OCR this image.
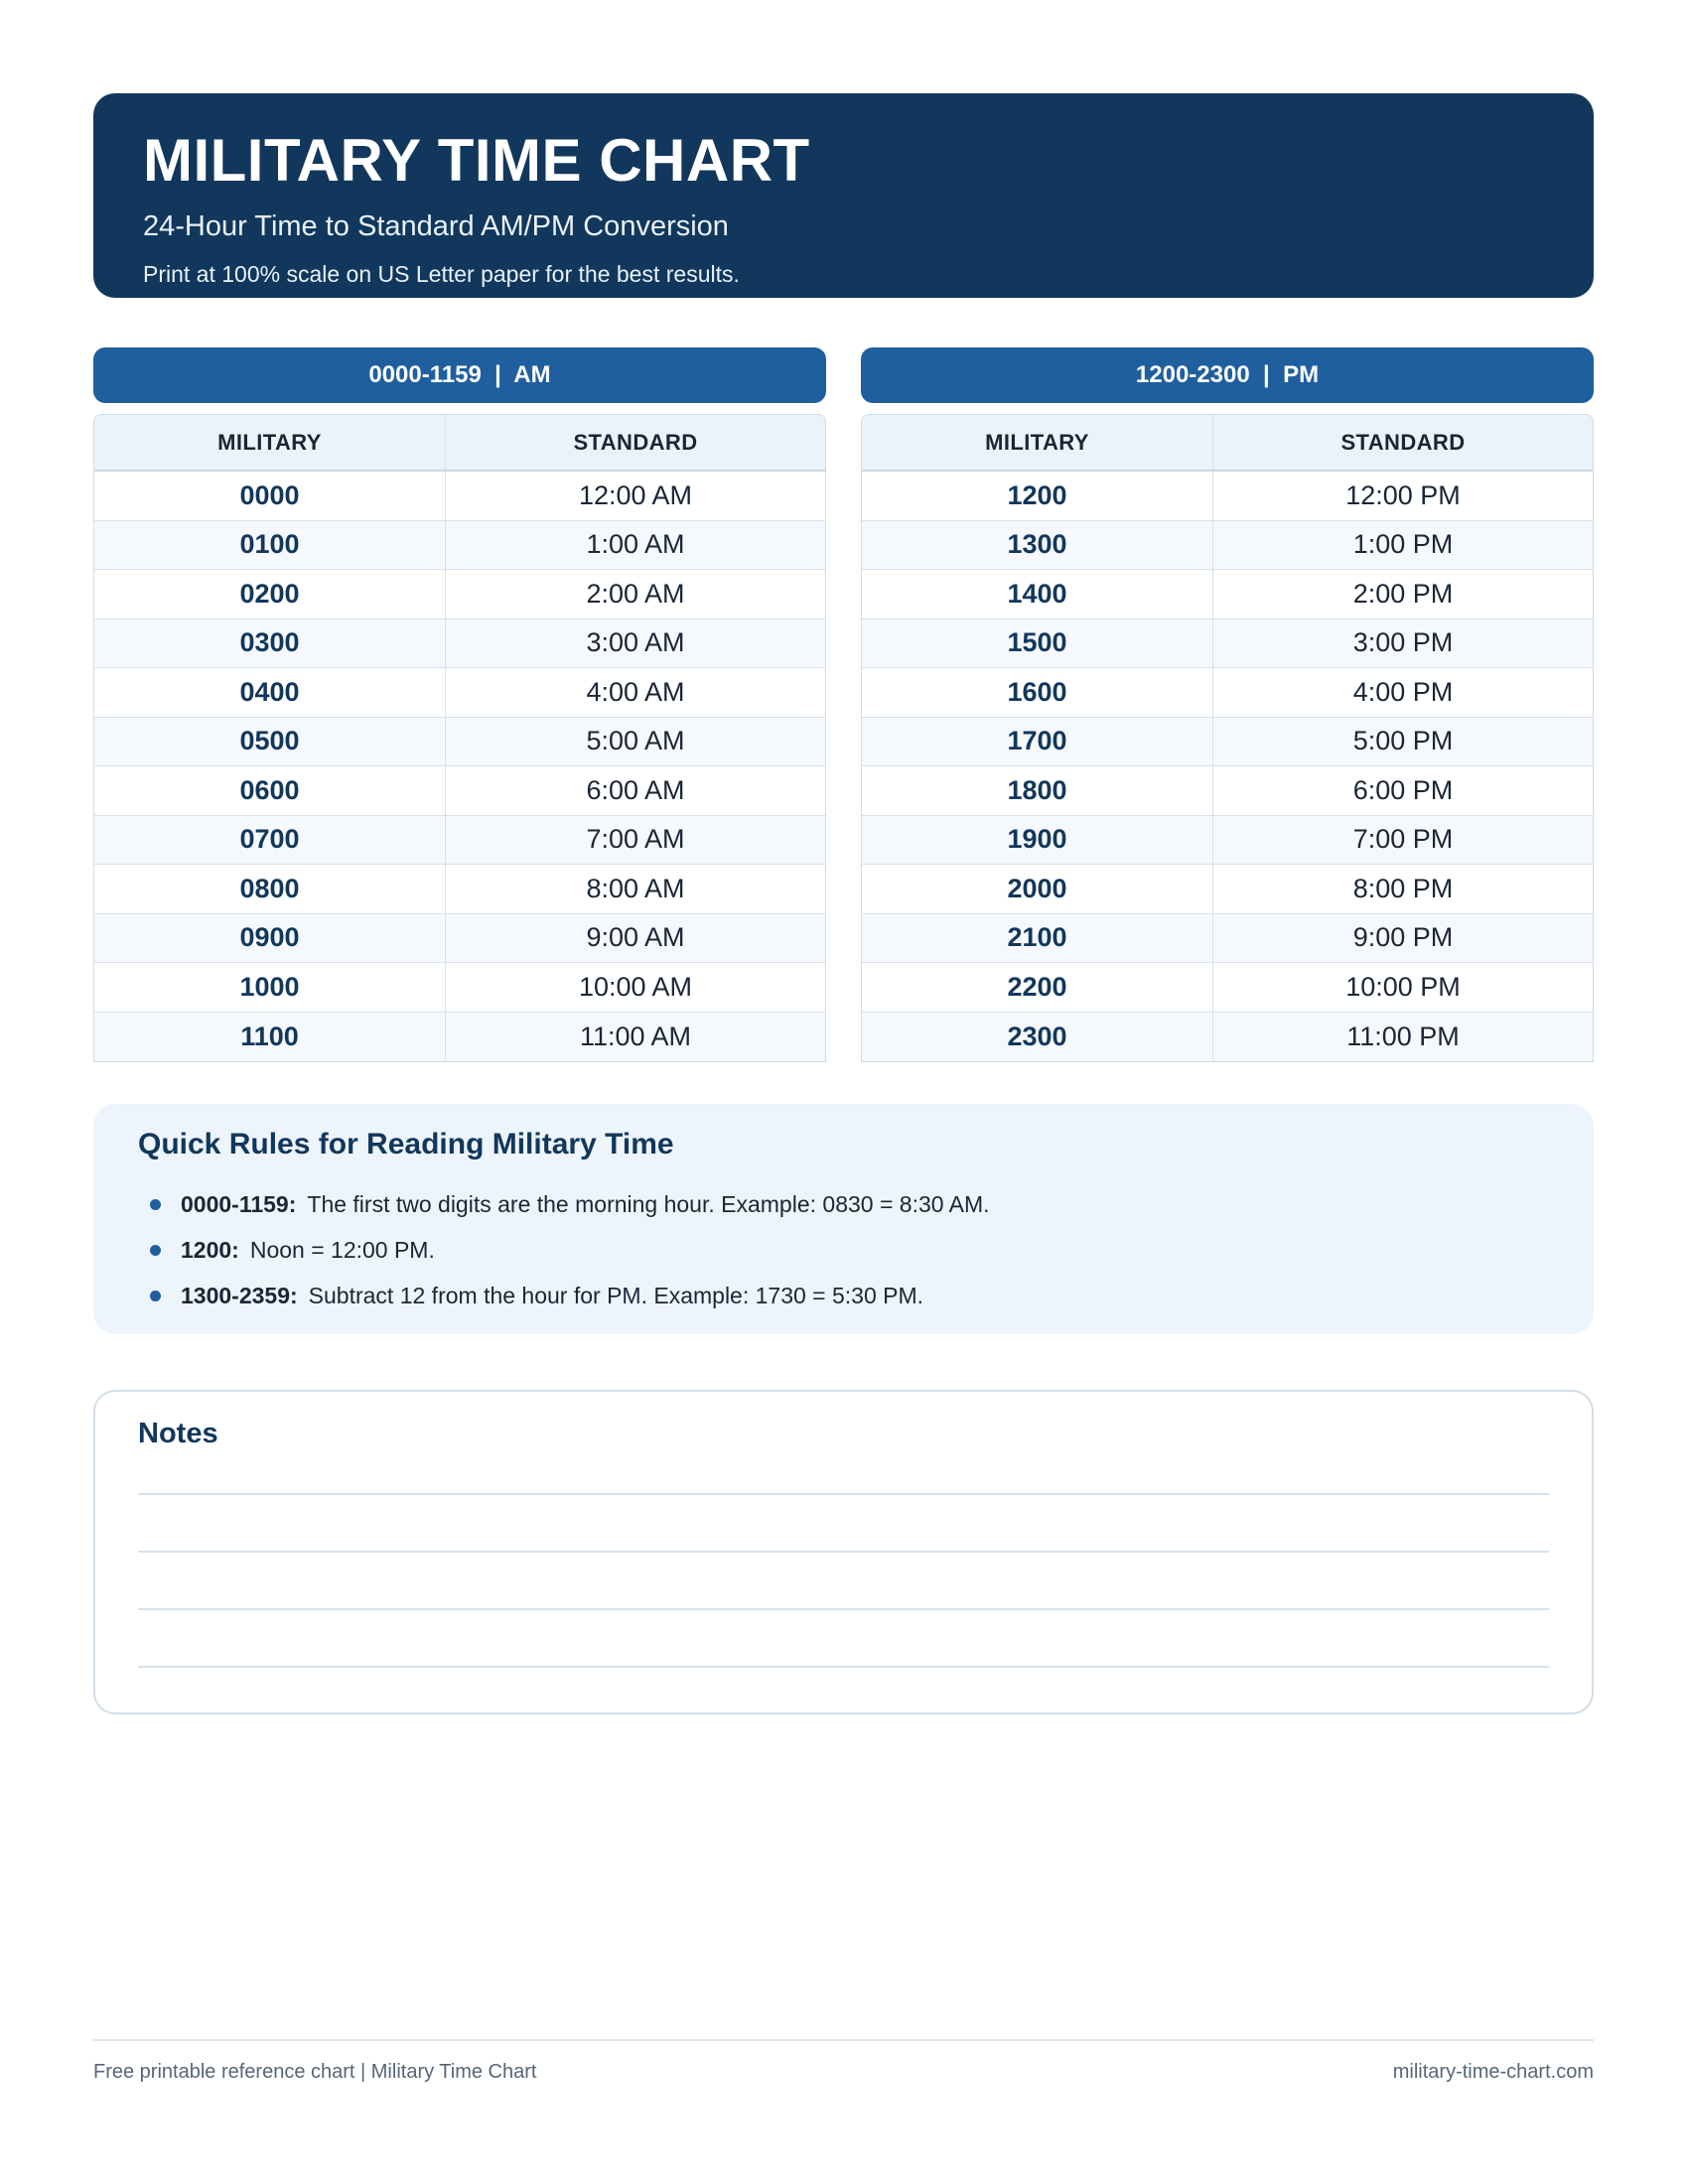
MILITARY TIME CHART
24-Hour Time to Standard AM/PM Conversion
Print at 100% scale on US Letter paper for the best results.
0000-1159  |  AM
MILITARY	STANDARD
0000	12:00 AM
0100	1:00 AM
0200	2:00 AM
0300	3:00 AM
0400	4:00 AM
0500	5:00 AM
0600	6:00 AM
0700	7:00 AM
0800	8:00 AM
0900	9:00 AM
1000	10:00 AM
1100	11:00 AM
1200-2300  |  PM
MILITARY	STANDARD
1200	12:00 PM
1300	1:00 PM
1400	2:00 PM
1500	3:00 PM
1600	4:00 PM
1700	5:00 PM
1800	6:00 PM
1900	7:00 PM
2000	8:00 PM
2100	9:00 PM
2200	10:00 PM
2300	11:00 PM
Quick Rules for Reading Military Time
0000-1159: The first two digits are the morning hour. Example: 0830 = 8:30 AM.
1200: Noon = 12:00 PM.
1300-2359: Subtract 12 from the hour for PM. Example: 1730 = 5:30 PM.
Notes
Free printable reference chart | Military Time Chart	military-time-chart.com
